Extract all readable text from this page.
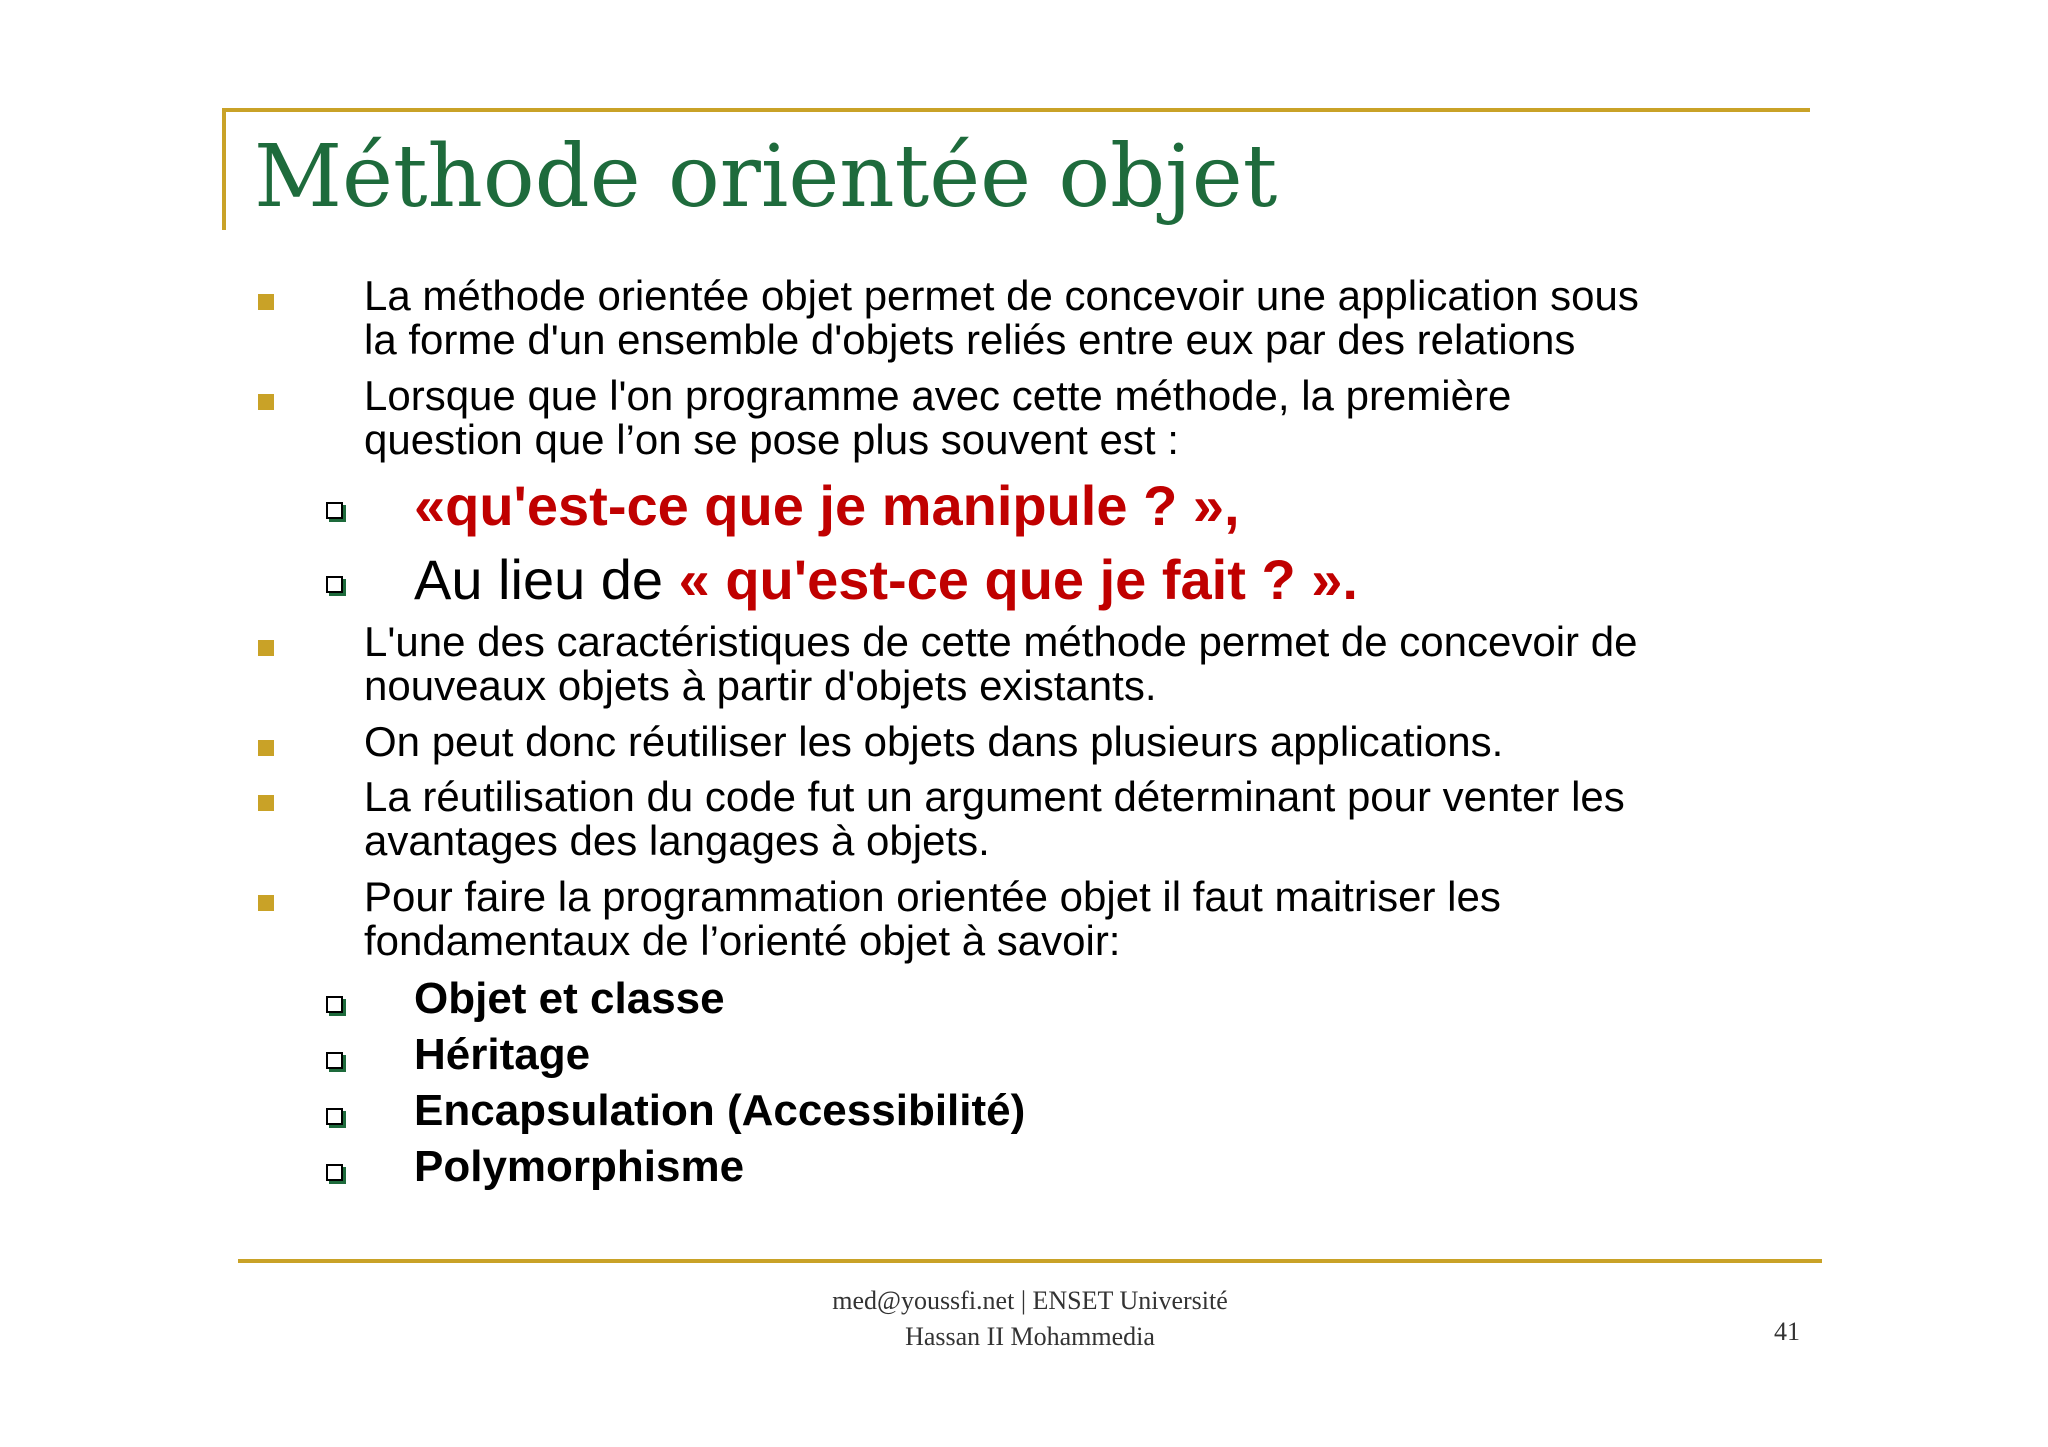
Méthode orientée objet
La méthode orientée objet permet de concevoir une application sous
la forme d'un ensemble d'objets reliés entre eux par des relations
Lorsque que l'on programme avec cette méthode, la première
question que l’on se pose plus souvent est :
«qu'est-ce que je manipule ? »,
Au lieu de « qu'est-ce que je fait ? ».
L'une des caractéristiques de cette méthode permet de concevoir de
nouveaux objets à partir d'objets existants.
On peut donc réutiliser les objets dans plusieurs applications.
La réutilisation du code fut un argument déterminant pour venter les
avantages des langages à objets.
Pour faire la programmation orientée objet il faut maitriser les
fondamentaux de l’orienté objet à savoir:
Objet et classe
Héritage
Encapsulation (Accessibilité)
Polymorphisme
med@youssfi.net | ENSET Université
Hassan II Mohammedia	41
